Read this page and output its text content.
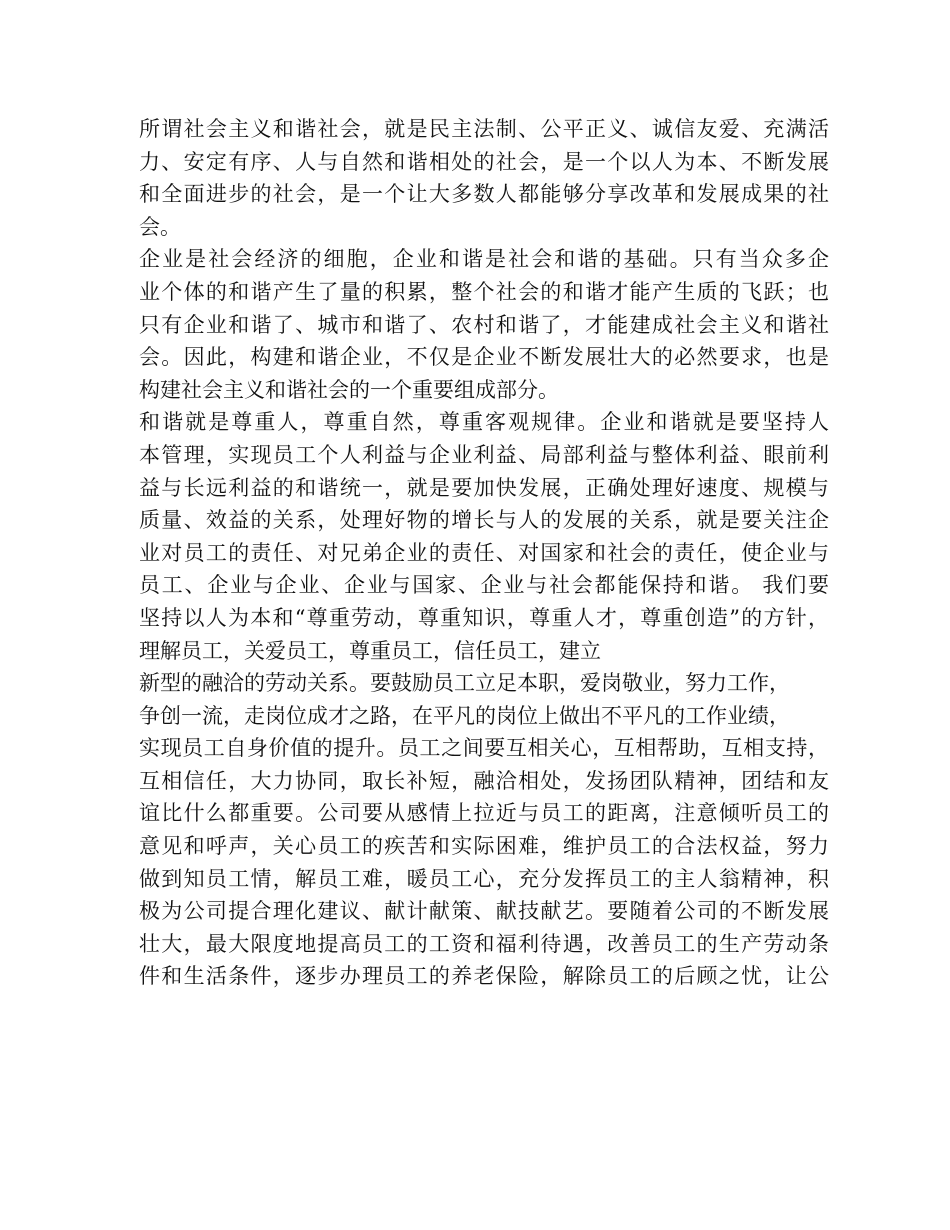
所谓社会主义和谐社会，就是民主法制、公平正义、诚信友爱、充满活
力、安定有序、人与自然和谐相处的社会，是一个以人为本、不断发展
和全面进步的社会，是一个让大多数人都能够分享改革和发展成果的社
会。
企业是社会经济的细胞，企业和谐是社会和谐的基础。只有当众多企
业个体的和谐产生了量的积累，整个社会的和谐才能产生质的飞跃；也
只有企业和谐了、城市和谐了、农村和谐了，才能建成社会主义和谐社
会。因此，构建和谐企业，不仅是企业不断发展壮大的必然要求，也是
构建社会主义和谐社会的一个重要组成部分。
和谐就是尊重人，尊重自然，尊重客观规律。企业和谐就是要坚持人
本管理，实现员工个人利益与企业利益、局部利益与整体利益、眼前利
益与长远利益的和谐统一，就是要加快发展，正确处理好速度、规模与
质量、效益的关系，处理好物的增长与人的发展的关系，就是要关注企
业对员工的责任、对兄弟企业的责任、对国家和社会的责任，使企业与
员工、企业与企业、企业与国家、企业与社会都能保持和谐。 我们要
坚持以人为本和“尊重劳动，尊重知识，尊重人才，尊重创造”的方针，
理解员工，关爱员工，尊重员工，信任员工，建立
新型的融洽的劳动关系。要鼓励员工立足本职，爱岗敬业，努力工作，
争创一流，走岗位成才之路，在平凡的岗位上做出不平凡的工作业绩，
实现员工自身价值的提升。员工之间要互相关心，互相帮助，互相支持，
互相信任，大力协同，取长补短，融洽相处，发扬团队精神，团结和友
谊比什么都重要。公司要从感情上拉近与员工的距离，注意倾听员工的
意见和呼声，关心员工的疾苦和实际困难，维护员工的合法权益，努力
做到知员工情，解员工难，暖员工心，充分发挥员工的主人翁精神，积
极为公司提合理化建议、献计献策、献技献艺。要随着公司的不断发展
壮大，最大限度地提高员工的工资和福利待遇，改善员工的生产劳动条
件和生活条件，逐步办理员工的养老保险，解除员工的后顾之忧，让公
